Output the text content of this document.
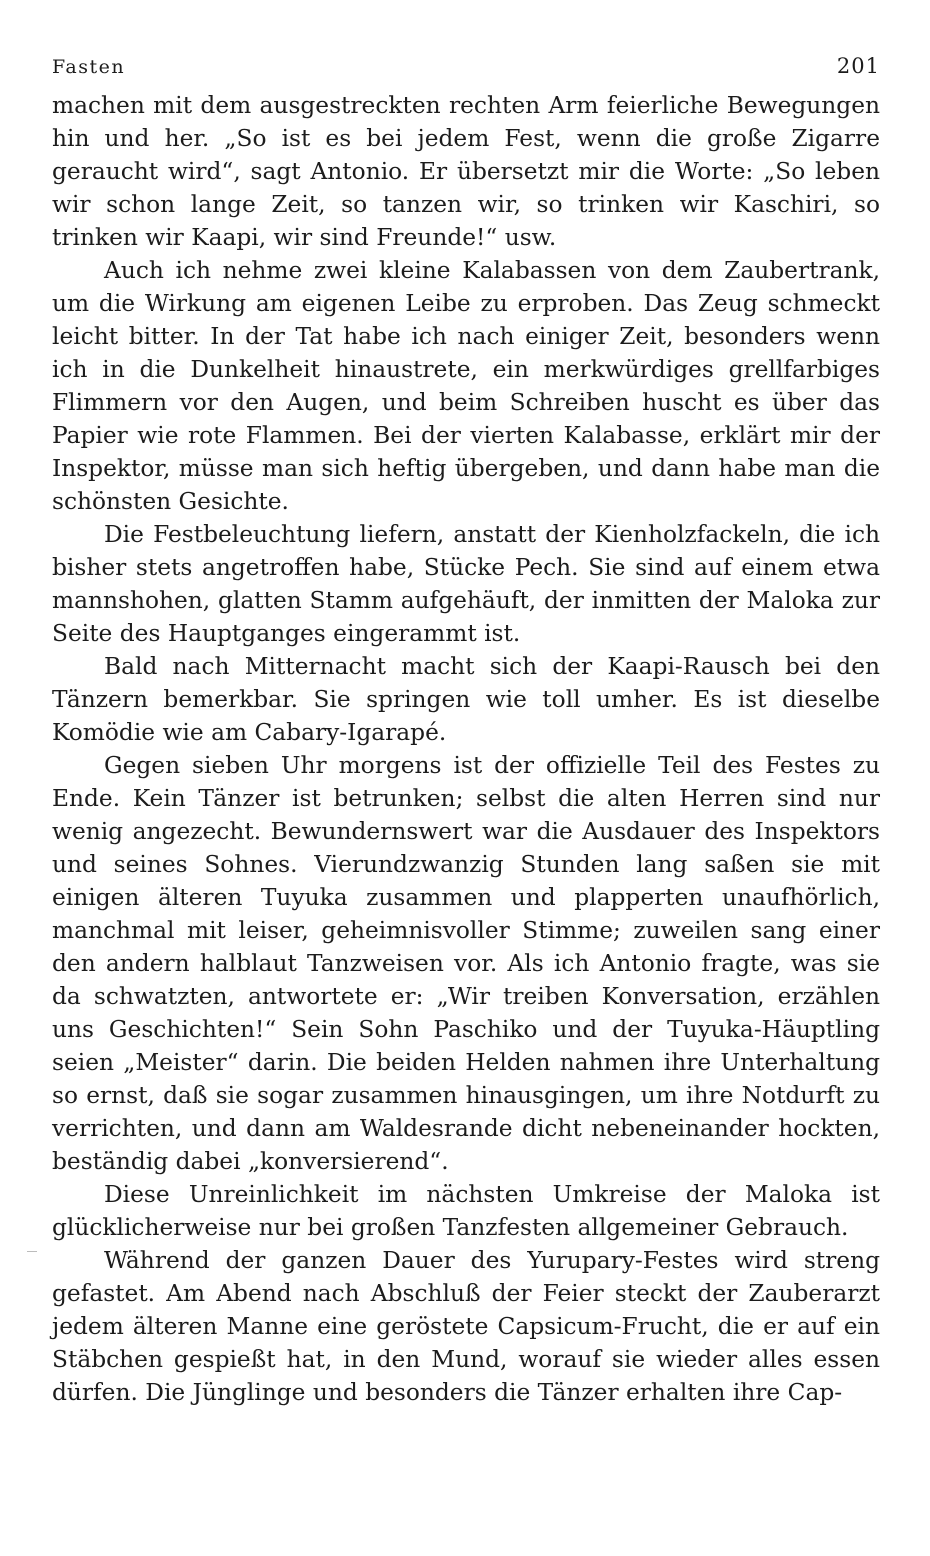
Fasten	201

machen mit dem ausgestreckten rechten Arm feierliche Bewegungen hin und her. „So ist es bei jedem Fest, wenn die große Zigarre geraucht wird“, sagt Antonio. Er übersetzt mir die Worte: „So leben wir schon lange Zeit, so tanzen wir, so trinken wir Kaschiri, so trinken wir Kaapi, wir sind Freunde!“ usw.

Auch ich nehme zwei kleine Kalabassen von dem Zaubertrank, um die Wirkung am eigenen Leibe zu erproben. Das Zeug schmeckt leicht bitter. In der Tat habe ich nach einiger Zeit, besonders wenn ich in die Dunkelheit hinaustrete, ein merkwürdiges grellfarbiges Flimmern vor den Augen, und beim Schreiben huscht es über das Papier wie rote Flammen. Bei der vierten Kalabasse, erklärt mir der Inspektor, müsse man sich heftig übergeben, und dann habe man die schönsten Gesichte.

Die Festbeleuchtung liefern, anstatt der Kienholzfackeln, die ich bisher stets angetroffen habe, Stücke Pech. Sie sind auf einem etwa mannshohen, glatten Stamm aufgehäuft, der inmitten der Maloka zur Seite des Hauptganges eingerammt ist.

Bald nach Mitternacht macht sich der Kaapi-Rausch bei den Tänzern bemerkbar. Sie springen wie toll umher. Es ist dieselbe Komödie wie am Cabary-Igarapé.

Gegen sieben Uhr morgens ist der offizielle Teil des Festes zu Ende. Kein Tänzer ist betrunken; selbst die alten Herren sind nur wenig angezecht. Bewundernswert war die Ausdauer des Inspektors und seines Sohnes. Vierundzwanzig Stunden lang saßen sie mit einigen älteren Tuyuka zusammen und plapperten unaufhörlich, manchmal mit leiser, geheimnisvoller Stimme; zuweilen sang einer den andern halblaut Tanzweisen vor. Als ich Antonio fragte, was sie da schwatzten, antwortete er: „Wir treiben Konversation, erzählen uns Geschichten!“ Sein Sohn Paschiko und der Tuyuka-Häuptling seien „Meister“ darin. Die beiden Helden nahmen ihre Unterhaltung so ernst, daß sie sogar zusammen hinausgingen, um ihre Notdurft zu verrichten, und dann am Waldesrande dicht nebeneinander hockten, beständig dabei „konversierend“.

Diese Unreinlichkeit im nächsten Umkreise der Maloka ist glücklicherweise nur bei großen Tanzfesten allgemeiner Gebrauch.

Während der ganzen Dauer des Yurupary-Festes wird streng gefastet. Am Abend nach Abschluß der Feier steckt der Zauberarzt jedem älteren Manne eine geröstete Capsicum-Frucht, die er auf ein Stäbchen gespießt hat, in den Mund, worauf sie wieder alles essen dürfen. Die Jünglinge und besonders die Tänzer erhalten ihre Cap-
